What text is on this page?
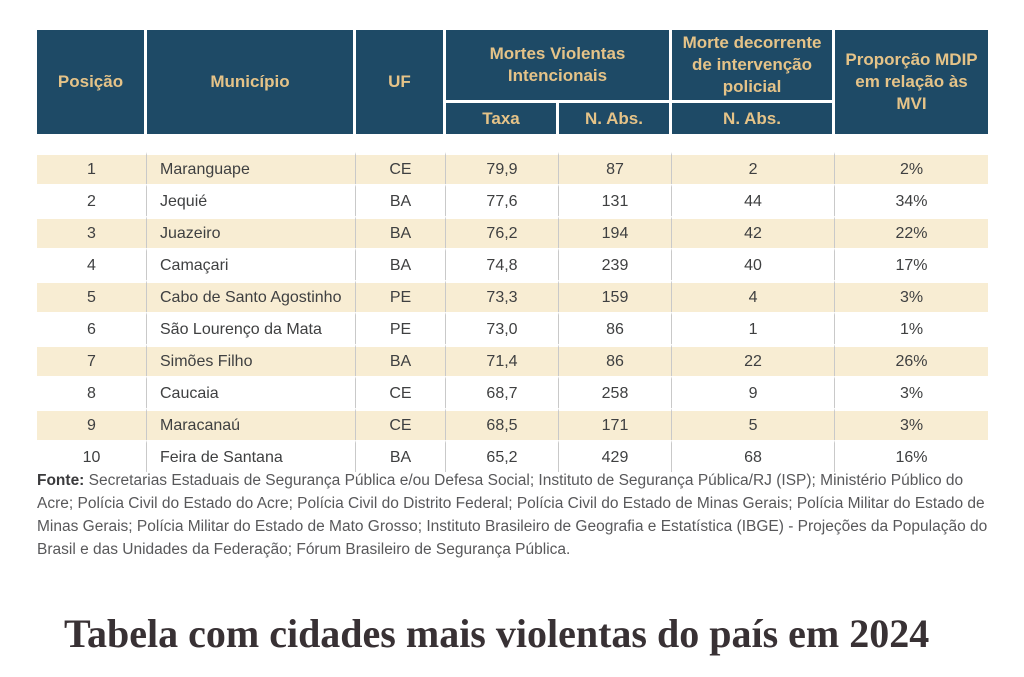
Posição	Município	UF	Mortes Violentas Intencionais		Morte decorrente de intervenção policial	Proporção MDIP em relação às MVI
			Taxa	N. Abs.	N. Abs.	

1	Maranguape	CE	79,9	87	2	2%
2	Jequié	BA	77,6	131	44	34%
3	Juazeiro	BA	76,2	194	42	22%
4	Camaçari	BA	74,8	239	40	17%
5	Cabo de Santo Agostinho	PE	73,3	159	4	3%
6	São Lourenço da Mata	PE	73,0	86	1	1%
7	Simões Filho	BA	71,4	86	22	26%
8	Caucaia	CE	68,7	258	9	3%
9	Maracanaú	CE	68,5	171	5	3%
10	Feira de Santana	BA	65,2	429	68	16%

Fonte: Secretarias Estaduais de Segurança Pública e/ou Defesa Social; Instituto de Segurança Pública/RJ (ISP); Ministério Público do Acre; Polícia Civil do Estado do Acre; Polícia Civil do Distrito Federal; Polícia Civil do Estado de Minas Gerais; Polícia Militar do Estado de Minas Gerais; Polícia Militar do Estado de Mato Grosso; Instituto Brasileiro de Geografia e Estatística (IBGE) - Projeções da População do Brasil e das Unidades da Federação; Fórum Brasileiro de Segurança Pública.

Tabela com cidades mais violentas do país em 2024
